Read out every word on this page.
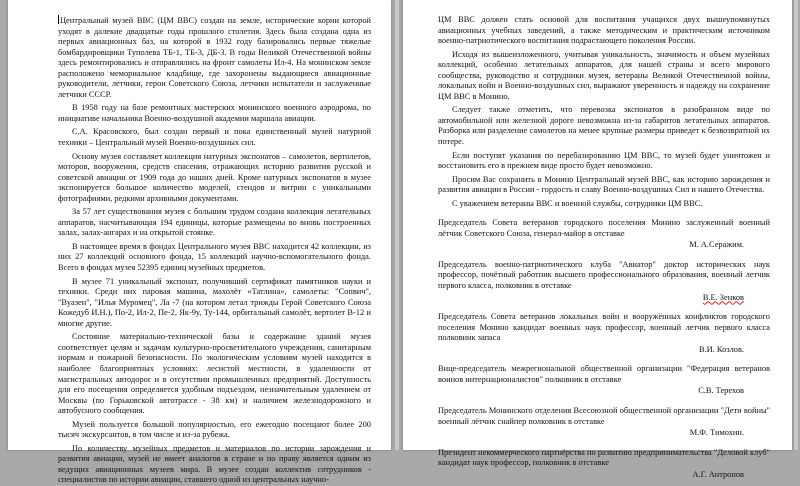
Центральный музей ВВС (ЦМ ВВС) создан на земле, исторические корни которой уходят в далекие двадцатые годы прошлого столетия. Здесь была создана одна из первых авиационных баз, на которой в 1932 году базировались первые тяжелые бомбардировщики Туполева ТБ-1, ТБ-3, ДБ-3. В годы Великой Отечественной войны здесь ремонтировались и отправлялись на фронт самолеты Ил-4. На монинском земле расположено мемориальное кладбище, где захоронены выдающиеся авиационные руководители, летчики, герои Советского Союза, летчики испытатели и заслуженные летчики СССР.
В 1958 году на базе ремонтных мастерских монинского военного аэродрома, по инициативе начальника Военно-воздушной академии маршала авиации.
С.А. Красовского, был создан первый и пока единственный музей натурной техники – Центральный музей Военно-воздушных сил.
Основу музея составляет коллекция натурных экспонатов – самолетов, вертолетов, моторов, вооружения, средств спасения, отражающих историю развития русской и советской авиации от 1909 года до наших дней. Кроме натурных экспонатов в музее экспонируется большое количество моделей, стендов и витрин с уникальными фотографиями, редкими архивными документами.
За 57 лет существования музея с большим трудом создана коллекция летательных аппаратов, насчитывающая 194 единицы, которые размещены во вновь построенных залах, залах-ангарах и на открытой стоянке.
В настоящее время в фондах Центрального музея ВВС находится 42 коллекции, из них 27 коллекций основного фонда, 15 коллекций научно-вспомогательного фонда. Всего в фондах музея 52395 единиц музейных предметов.
В музее 71 уникальный экспонат, получивший сертификат памятников науки и техники. Среди них паровая машина, махолёт «Татлина», самолеты: "Сопвич", "Вуазен", "Илья Муромец", Ла -7 (на котором летал трижды Герой Советского Союза Кожедуб И.Н.), По-2, Ил-2, Пе-2, Як-9у, Ту-144, орбитальный самолёт, вертолет В-12 и многие другие.
Состояние материально-технической базы и содержание зданий музея соответствует целям и задачам культурно-просветительного учреждения, санитарным нормам и пожарной безопасности. По экологическим условиям музей находится в наиболее благоприятных условиях: лесистой местности, в удаленности от магистральных автодорог и в отсутствии промышленных предприятий. Доступность для его посещения определяется удобным подъездом, незначительным удалением от Москвы (по Горьковской автотрассе - 38 км) и наличием железнодорожного и автобусного сообщения.
Музей пользуется большой популярностью, его ежегодно посещают более 200 тысяч экскурсантов, в том числе и из-за рубежа.
По количеству музейных предметов и материалов по истории зарождения и развития авиации, музей не имеет аналогов в стране и по праву является одним из ведущих авиационных музеев мира. В музее создан коллектив сотрудников - специалистов по истории авиации, ставшего одной из центральных научно-
ЦМ ВВС должен стать основой для воспитания учащихся двух вышеупомянутых авиационных учебных заведений, а также методическим и практическим источником военно-патриотического воспитания подрастающего поколения России.
Исходя из вышеизложенного, учитывая уникальность, значимость и объем музейных коллекций, особенно летательных аппаратов, для нашей страны и всего мирового сообщества, руководство и сотрудники музея, ветераны Великой Отечественной войны, локальных войн и Военно-воздушных сил, выражают уверенность и надежду на сохранение ЦМ ВВС в Монино.
Следует также отметить, что перевозка экспонатов в разобранном виде по автомобильной или железной дороге невозможна из-за габаритов летательных аппаратов. Разборка или разделение самолетов на менее крупные размеры приведет к безвозвратной их потере.
Если поступят указания по перебазированию ЦМ ВВС, то музей будет уничтожен и восстановить его в прежнем виде просто будет невозможно.
Просим Вас сохранить в Монино Центральный музей ВВС, как историю зарождения и развития авиации в России - гордость и славу Военно-воздушных Сил и нашего Отечества.
С уважением ветераны ВВС и военной службы, сотрудники ЦМ ВВС.
Председатель Совета ветеранов городского поселения Монино заслуженный военный лётчик Советского Союза, генерал-майор в отставке
М. А.Серажим.
Председатель военно-патриотического клуба "Авиатор" доктор исторических наук профессор, почётный работник высшего профессионального образования, военный летчик первого класса, полковник в отставке
В.Е. Зенков
Председатель Совета ветеранов локальных войн и вооружённых конфликтов городского поселения Монино кандидат военных наук профессор, военный летчик первого класса полковник запаса
В.И. Козлов.
Вице-председатель межрегиональной общественной организации "Федерация ветеранов воинов интернационалистов" полковник в отставке
С.В. Терехов
Председатель Монинского отделения Всесоюзной общественной организации "Дети войны" военный лётчик снайпер полковник в отставке
М.Ф. Тимохин.
Президент некоммерческого партнёрства по развитию предпринимательства "Деловой клуб" кандидат наук профессор, полковник в отставке
А.Г. Антропов
